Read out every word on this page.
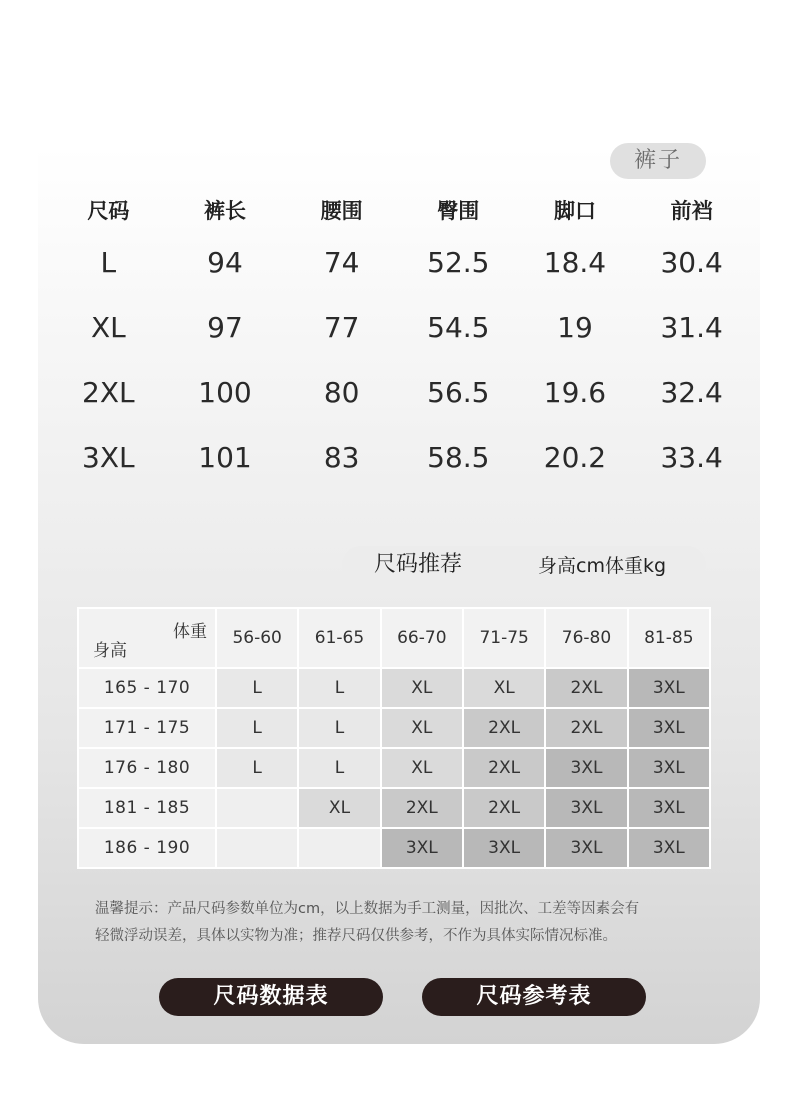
裤子
尺码	裤长	腰围	臀围	脚口	前裆
L	94	74	52.5	18.4	30.4
XL	97	77	54.5	19	31.4
2XL	100	80	56.5	19.6	32.4
3XL	101	83	58.5	20.2	33.4
尺码推荐	身高cm体重kg
体重
身高	56-60	61-65	66-70	71-75	76-80	81-85
165 - 170	L	L	XL	XL	2XL	3XL
171 - 175	L	L	XL	2XL	2XL	3XL
176 - 180	L	L	XL	2XL	3XL	3XL
181 - 185		XL	2XL	2XL	3XL	3XL
186 - 190			3XL	3XL	3XL	3XL
温馨提示：产品尺码参数单位为cm，以上数据为手工测量，因批次、工差等因素会有
轻微浮动误差，具体以实物为准；推荐尺码仅供参考，不作为具体实际情况标准。
尺码数据表	尺码参考表
